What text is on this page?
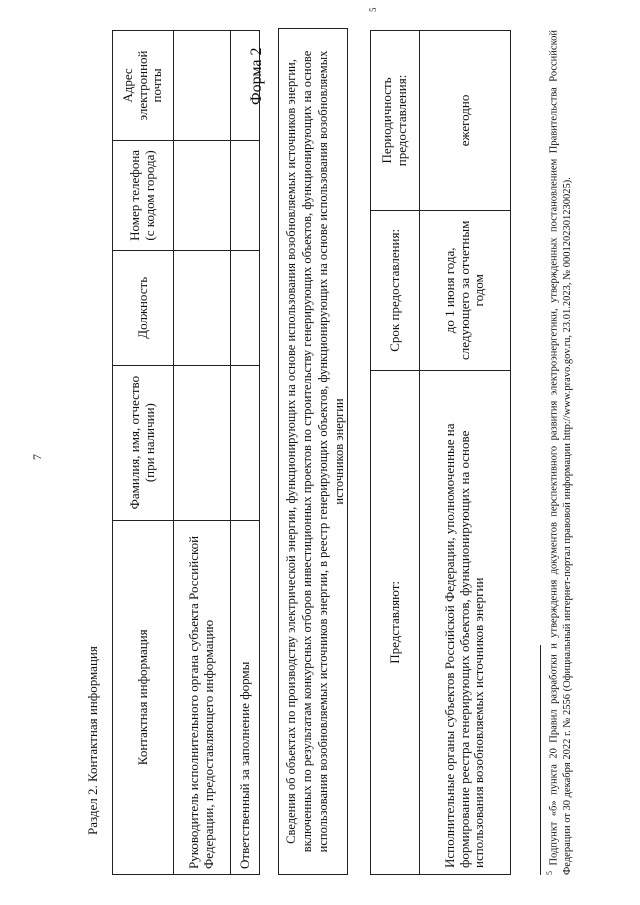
7
Раздел 2. Контактная информация	Контактная информация	Фамилия, имя, отчество (при наличии)	Должность	Номер телефона (с кодом города)	Адрес электронной почты
Руководитель исполнительного органа субъекта Российской Федерации, предоставляющего информацию				
Ответственный за заполнение формы				
Форма 2	Сведения об объектах по производству электрической энергии, функционирующих на основе использования возобновляемых источников энергии, включенных по результатам конкурсных отборов инвестиционных проектов по строительству генерирующих объектов, функционирующих на основе использования возобновляемых источников энергии, в реестр генерирующих объектов, функционирующих на основе использования возобновляемых источников энергии
Представляют:	Срок предоставления:	Периодичность предоставления:
Исполнительные органы субъектов Российской Федерации, уполномоченные на формирование реестра генерирующих объектов, функционирующих на основе использования возобновляемых источников энергии	до 1 июня года, следующего за отчетным годом	ежегодно
5
$^5$ Подпункт «б» пункта 20 Правил разработки и утверждения документов перспективного развития электроэнергетики, утвержденных постановлением Правительства Российской Федерации от 30 декабря 2022 г. № 2556 (Официальный интернет-портал правовой информации http://www.pravo.gov.ru, 23.01.2023, № 0001202301230025).
